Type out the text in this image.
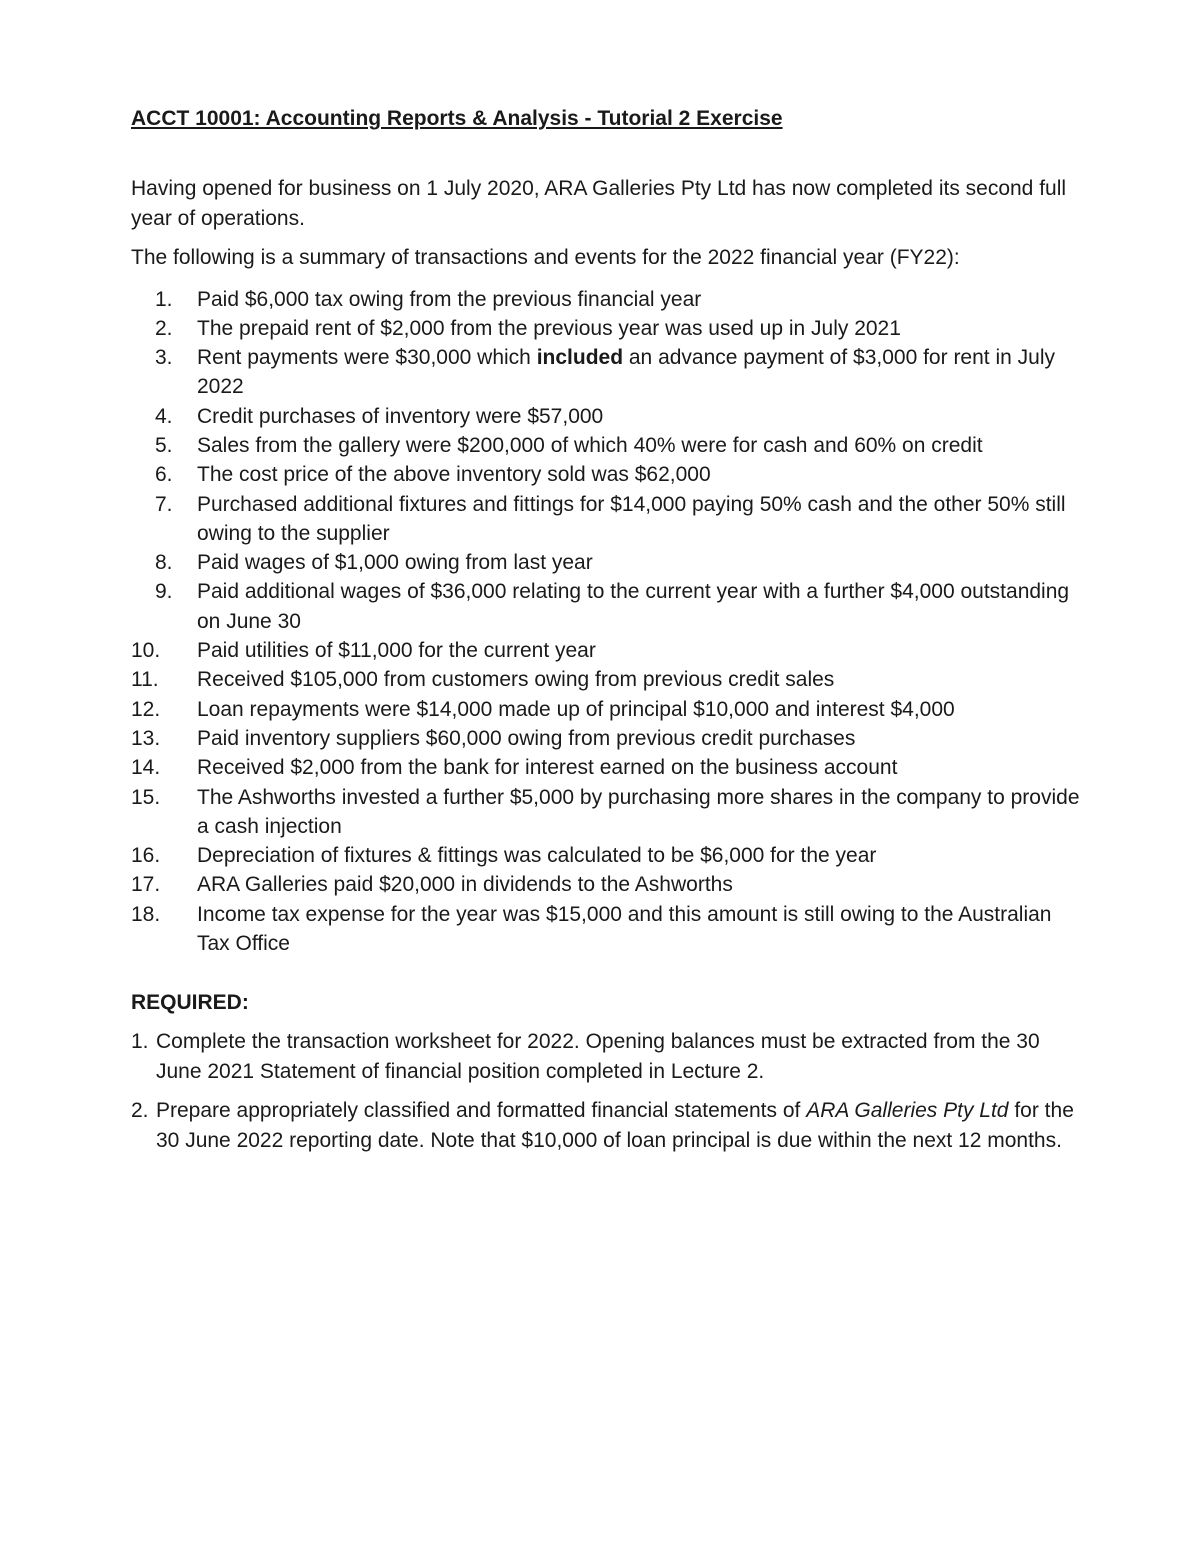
ACCT 10001: Accounting Reports & Analysis - Tutorial 2 Exercise

Having opened for business on 1 July 2020, ARA Galleries Pty Ltd has now completed its second full year of operations.

The following is a summary of transactions and events for the 2022 financial year (FY22):

1.	Paid $6,000 tax owing from the previous financial year
2.	The prepaid rent of $2,000 from the previous year was used up in July 2021
3.	Rent payments were $30,000 which included an advance payment of $3,000 for rent in July 2022
4.	Credit purchases of inventory were $57,000
5.	Sales from the gallery were $200,000 of which 40% were for cash and 60% on credit
6.	The cost price of the above inventory sold was $62,000
7.	Purchased additional fixtures and fittings for $14,000 paying 50% cash and the other 50% still owing to the supplier
8.	Paid wages of $1,000 owing from last year
9.	Paid additional wages of $36,000 relating to the current year with a further $4,000 outstanding on June 30
10.	Paid utilities of $11,000 for the current year
11.	Received $105,000 from customers owing from previous credit sales
12.	Loan repayments were $14,000 made up of principal $10,000 and interest $4,000
13.	Paid inventory suppliers $60,000 owing from previous credit purchases
14.	Received $2,000 from the bank for interest earned on the business account
15.	The Ashworths invested a further $5,000 by purchasing more shares in the company to provide a cash injection
16.	Depreciation of fixtures & fittings was calculated to be $6,000 for the year
17.	ARA Galleries paid $20,000 in dividends to the Ashworths
18.	Income tax expense for the year was $15,000 and this amount is still owing to the Australian Tax Office
REQUIRED:
1. Complete the transaction worksheet for 2022. Opening balances must be extracted from the 30 June 2021 Statement of financial position completed in Lecture 2.
2. Prepare appropriately classified and formatted financial statements of ARA Galleries Pty Ltd for the 30 June 2022 reporting date. Note that $10,000 of loan principal is due within the next 12 months.
